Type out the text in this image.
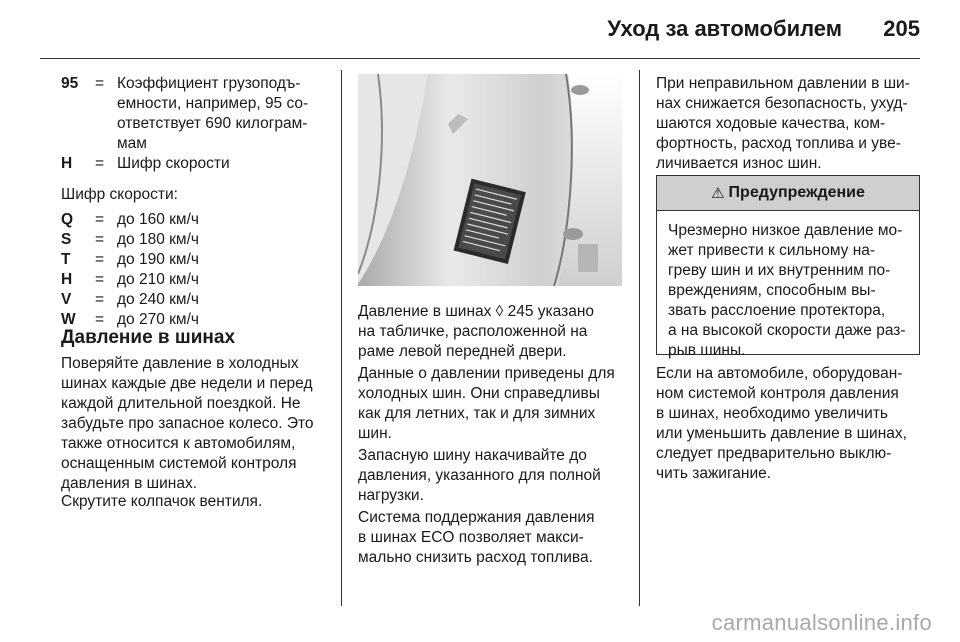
Уход за автомобилем 205
95 = Коэффициент грузоподъ-
емности, например, 95 со-
ответствует 690 килограм-
мам
H = Шифр скорости

Шифр скорости:

Q = до 160 км/ч
S = до 180 км/ч
T = до 190 км/ч
H = до 210 км/ч
V = до 240 км/ч
W = до 270 км/ч
Давление в шинах

Поверяйте давление в холодных
шинах каждые две недели и перед
каждой длительной поездкой. Не
забудьте про запасное колесо. Это
также относится к автомобилям,
оснащенным системой контроля
давления в шинах.

Скрутите колпачок вентиля.

Давление в шинах ◊ 245 указано
на табличке, расположенной на
раме левой передней двери.

Данные о давлении приведены для
холодных шин. Они справедливы
как для летних, так и для зимних
шин.

Запасную шину накачивайте до
давления, указанного для полной
нагрузки.

Система поддержания давления
в шинах ECO позволяет макси-
мально снизить расход топлива.

При неправильном давлении в ши-
нах снижается безопасность, ухуд-
шаются ходовые качества, ком-
фортность, расход топлива и уве-
личивается износ шин.

Если на автомобиле, оборудован-
ном системой контроля давления
в шинах, необходимо увеличить
или уменьшить давление в шинах,
следует предварительно выклю-
чить зажигание.

⚠ Предупреждение
Чрезмерно низкое давление мо-
жет привести к сильному на-
греву шин и их внутренним по-
вреждениям, способным вы-
звать расслоение протектора,
а на высокой скорости даже раз-
рыв шины.
carmanualsonline.info
